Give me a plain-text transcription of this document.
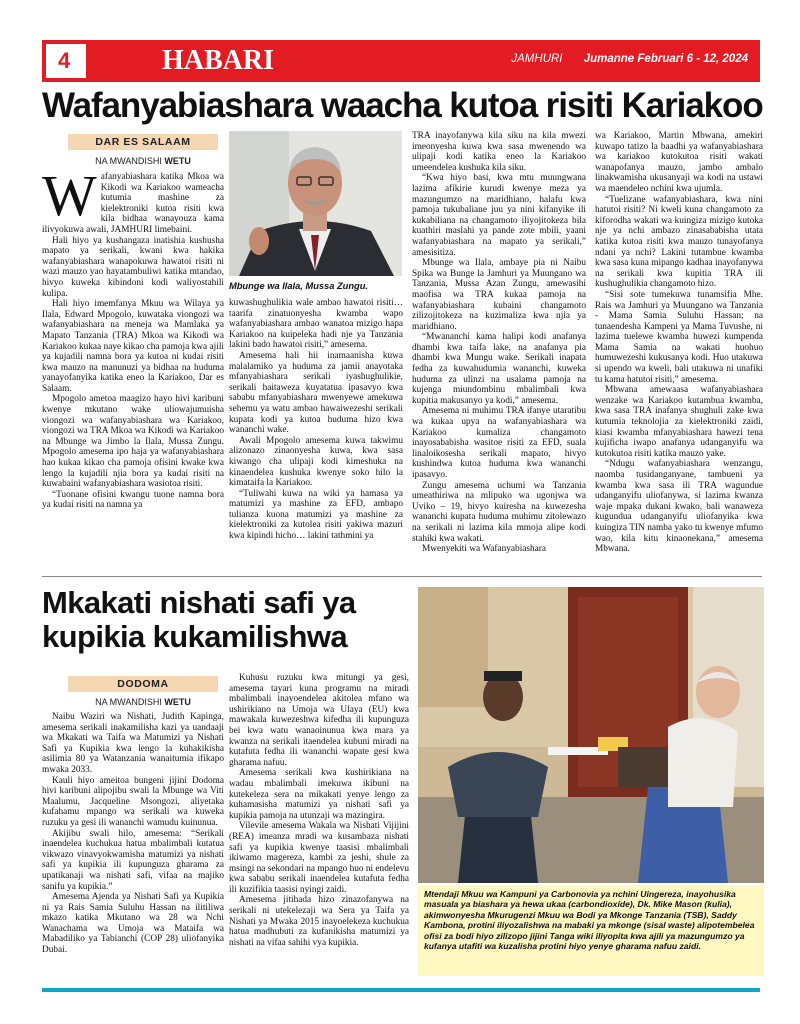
4	HABARI	JAMHURI Jumanne Februari 6 - 12, 2024
Wafanyabiashara waacha kutoa risiti Kariakoo
DAR ES SALAAM
NA MWANDISHI WETU

Wafanyabiashara katika Mkoa wa Kikodi wa Kariakoo wameacha kutumia mashine za kielektroniki kutoa risiti kwa kila bidhaa wanayouza kama ilivyokuwa awali, JAMHURI limebaini.

Hali hiyo ya kushangaza inatishia kushusha mapato ya serikali, kwani kwa hakika wafanyabiashara wanapokuwa hawatoi risiti ni wazi mauzo yao hayatambuliwi katika mtandao, hivyo kuweka kibindoni kodi waliyostahili kulipa.

Hali hiyo imemfanya Mkuu wa Wilaya ya Ilala, Edward Mpogolo, kuwataka viongozi wa wafanyabiashara na meneja wa Mamlaka ya Mapato Tanzania (TRA) Mkoa wa Kikodi wa Kariakoo kukaa naye kikao cha pamoja kwa ajili ya kujadili namna bora ya kutoa ni kudai risiti kwa mauzo na manunuzi ya bidhaa na huduma yanayofanyika katika eneo la Kariakoo, Dar es Salaam.

Mpogolo ametoa maagizo hayo hivi karibuni kwenye mkutano wake uliowajumuisha viongozi wa wafanyabiashara wa Kariakoo, viongozi wa TRA Mkoa wa Kikodi wa Kariakoo na Mbunge wa Jimbo la Ilala, Mussa Zungu. Mpogolo amesema ipo haja ya wafanyabiashara hao kukaa kikao cha pamoja ofisini kwake kwa lengo la kujadili njia bora ya kudai risiti na kuwabaini wafanyabiashara wasiotoa risiti.

“Tuonane ofisini kwangu tuone namna bora ya kudai risiti na namna ya

Mbunge wa Ilala, Mussa Zungu.

kuwashughulikia wale ambao hawatoi risiti… taarifa zinatuonyesha kwamba wapo wafanyabiashara ambao wanatoa mizigo hapa Kariakoo na kuipeleka hadi nje ya Tanzania lakini bado hawatoi risiti,” amesema.

Amesema hali hii inamaanisha kuwa malalamiko ya huduma za jamii anayotaka mfanyabiashara serikali iyashughulikie, serikali haitaweza kuyatatua ipasavyo kwa sababu mfanyabiashara mwenyewe amekuwa sehemu ya watu ambao hawaiwezeshi serikali kupata kodi ya kutoa huduma hizo kwa wananchi wake.

Awali Mpogolo amesema kuwa takwimu alizonazo zinaonyesha kuwa, kwa sasa kiwango cha ulipaji kodi kimeshuka na kinaendelea kushuka kwenye soko hilo la kimataifa la Kariakoo.

“Tuliwahi kuwa na wiki ya hamasa ya matumizi ya mashine za EFD, ambapo tulianza kuona matumizi ya mashine za kielektroniki za kutolea risiti yakiwa mazuri kwa kipindi hicho… lakini tathmini ya

TRA inayofanywa kila siku na kila mwezi imeonyesha kuwa kwa sasa mwenendo wa ulipaji kodi katika eneo la Kariakoo umeendelea kushuka kila siku.

“Kwa hiyo basi, kwa mtu muungwana lazima afikirie kurudi kwenye meza ya mazungumzo na maridhiano, halafu kwa pamoja tukubaliane juu ya nini kifanyike ili kukabiliana na changamoto iliyojitokeza bila kuathiri maslahi ya pande zote mbili, yaani wafanyabiashara na mapato ya serikali,” amesisitiza.

Mbunge wa Ilala, ambaye pia ni Naibu Spika wa Bunge la Jamhuri ya Muungano wa Tanzania, Mussa Azan Zungu, amewasihi maofisa wa TRA kukaa pamoja na wafanyabiashara kubaini changamoto zilizojitokeza na kuzimaliza kwa njia ya maridhiano.

“Mwananchi kama halipi kodi anafanya dhambi kwa taifa lake, na anafanya pia dhambi kwa Mungu wake. Serikali inapata fedha za kuwahudumia wananchi, kuweka huduma za ulinzi na usalama pamoja na kujenga miundombinu mbalimbali kwa kupitia makusanyo ya kodi,” amesema.

Amesema ni muhimu TRA ifanye utaratibu wa kukaa upya na wafanyabiashara wa Kariakoo kumaliza changamoto inayosababisha wasitoe risiti za EFD, suala linaloikosesha serikali mapato, hivyo kushindwa kutoa huduma kwa wananchi ipasavyo.

Zungu amesema uchumi wa Tanzania umeathiriwa na mlipuko wa ugonjwa wa Uviko – 19, hivyo kuiresha na kuwezesha wananchi kupata huduma muhimu zitolewazo na serikali ni lazima kila mmoja alipe kodi stahiki kwa wakati.

Mwenyekiti wa Wafanyabiashara

wa Kariakoo, Martin Mbwana, amekiri kuwapo tatizo la baadhi ya wafanyabiashara wa kariakoo kutokutoa risiti wakati wanapofanya mauzo, jambo ambalo linakwamisha ukusanyaji wa kodi na ustawi wa maendeleo nchini kwa ujumla.

“Tuelizane wafanyabiashara, kwa nini hatutoi risiti? Ni kweli kuna changamoto za kiforodha wakati wa kuingiza mizigo kutoka nje ya nchi ambazo zinasababisha utata katika kutoa risiti kwa mauzo tunayofanya ndani ya nchi? Lakini tutambue kwamba kwa sasa kuna mipango kadhaa inayofanywa na serikali kwa kupitia TRA ili kushughulikia changamoto hizo.

“Sisi sote tumekuwa tunamsifia Mhe. Rais wa Jamhuri ya Muungano wa Tanzania - Mama Samia Suluhu Hassan; na tunaendesha Kampeni ya Mama Tuvushe, ni lazima tuelewe kwamba huwezi kumpenda Mama Samia na wakati huohuo humuwezeshi kukusanya kodi. Huo utakuwa si upendo wa kweli, bali utakuwa ni unafiki tu kama hatutoi risiti,” amesema.

Mbwana amewaasa wafanyabiashara wenzake wa Kariakoo kutambua kwamba, kwa sasa TRA inafanya shughuli zake kwa kutumia teknolojia za kielektroniki zaidi, kiasi kwamba mfanyabiashara hawezi tena kujificha iwapo anafanya udanganyifu wa kutokutoa risiti katika mauzo yake.

“Ndugu wafanyabiashara wenzangu, naomba tusidanganyane, tambueni ya kwamba kwa sasa ili TRA wagundue udanganyifu uliofanywa, si lazima kwanza waje mpaka dukani kwako, bali wanaweza kugundua udanganyifu uliofanyika kwa kuingiza TIN namba yako tu kwenye mfumo wao, kila kitu kinaonekana,” amesema Mbwana.

Mkakati nishati safi ya kupikia kukamilishwa
DODOMA
NA MWANDISHI WETU

Naibu Waziri wa Nishati, Judith Kapinga, amesema serikali inakamilisha kazi ya uandaaji wa Mkakati wa Taifa wa Matumizi ya Nishati Safi ya Kupikia kwa lengo la kuhakikisha asilimia 80 ya Watanzania wanaitumia ifikapo mwaka 2033.

Kauli hiyo ameitoa bungeni jijini Dodoma hivi karibuni alipojibu swali la Mbunge wa Viti Maalumu, Jacqueline Msongozi, aliyetaka kufahamu mpango wa serikali wa kuweka ruzuku ya gesi ili wananchi wamudu kuinunua.

Akijibu swali hilo, amesema: “Serikali inaendelea kuchukua hatua mbalimbali kutatua vikwazo vinavyokwamisha matumizi ya nishati safi ya kupikia ili kupunguza gharama za upatikanaji wa nishati safi, vifaa na majiko sanifu ya kupikia.”

Amesema Ajenda ya Nishati Safi ya Kupikia ni ya Rais Samia Suluhu Hassan na ilitiliwa mkazo katika Mkutano wa 28 wa Nchi Wanachama wa Umoja wa Mataifa wa Mabadiliko ya Tabianchi (COP 28) uliofanyika Dubai.

Kuhusu ruzuku kwa mitungi ya gesi, amesema tayari kuna programu na miradi mbalimbali inayoendelea akitolea mfano wa ushirikiano na Umoja wa Ulaya (EU) kwa mawakala kuwezeshwa kifedha ili kupunguza bei kwa watu wanaoinunua kwa mara ya kwanza na serikali itaendelea kubuni miradi na kutafuta fedha ili wananchi wapate gesi kwa gharama nafuu.

Amesema serikali kwa kushirikiana na wadau mbalimbali imekuwa ikibuni na kutekeleza sera na mikakati yenye lengo za kuhamasisha matumizi ya nishati safi ya kupikia pamoja na utunzaji wa mazingira.

Vilevile amesema Wakala wa Nishati Vijijini (REA) imeanza mradi wa kusambaza nishati safi ya kupikia kwenye taasisi mbalimbali ikiwamo magereza, kambi za jeshi, shule za msingi na sekondari na mpango huo ni endelevu kwa sababu serikali inaendelea kutafuta fedha ili kuzifikia taasisi nyingi zaidi.

Amesema jitihada hizo zinazofanywa na serikali ni utekelezaji wa Sera ya Taifa ya Nishati ya Mwaka 2015 inayoelekeza kuchukua hatua madhubuti za kufanikisha matumizi ya nishati na vifaa sahihi vya kupikia.

Mtendaji Mkuu wa Kampuni ya Carbonovia ya nchini Uingereza, inayohusika masuala ya biashara ya hewa ukaa (carbondioxide), Dk. Mike Mason (kulia), akimwonyesha Mkurugenzi Mkuu wa Bodi ya Mkonge Tanzania (TSB), Saddy Kambona, protini iliyozalishwa na mabaki ya mkonge (sisal waste) alipotembelea ofisi za bodi hiyo zilizopo jijini Tanga wiki iliyopita kwa ajili ya mazungumzo ya kufanya utafiti wa kuzalisha protini hiyo yenye gharama nafuu zaidi.
